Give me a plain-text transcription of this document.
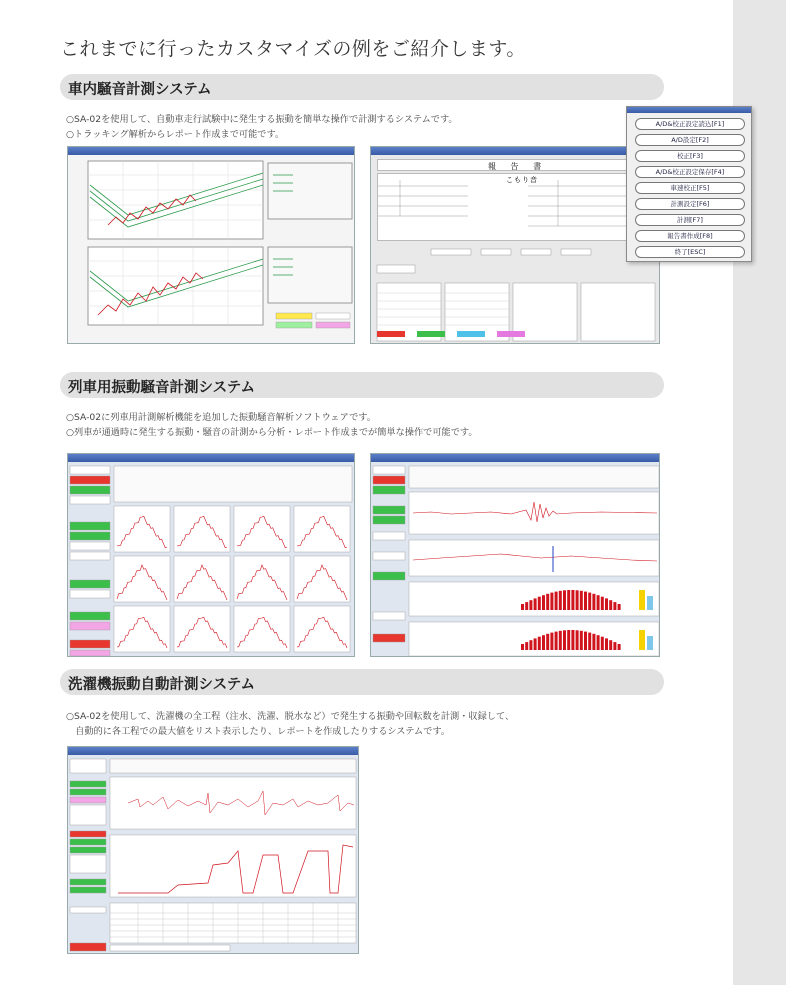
これまでに行ったカスタマイズの例をご紹介します。
車内騒音計測システム
○SA-02を使用して、自動車走行試験中に発生する振動を簡単な操作で計測するシステムです。
○トラッキング解析からレポート作成まで可能です。
報 告 書
こもり音
A/D&校正設定読込[F1]
A/D設定[F2]
校正[F3]
A/D&校正設定保存[F4]
車速校正[F5]
計測設定[F6]
計測[F7]
報告書作成[F8]
終了[ESC]
列車用振動騒音計測システム
○SA-02に列車用計測解析機能を追加した振動騒音解析ソフトウェアです。
○列車が通過時に発生する振動・騒音の計測から分析・レポート作成までが簡単な操作で可能です。
洗濯機振動自動計測システム
○SA-02を使用して、洗濯機の全工程（注水、洗濯、脱水など）で発生する振動や回転数を計測・収録して、
　自動的に各工程での最大値をリスト表示したり、レポートを作成したりするシステムです。
